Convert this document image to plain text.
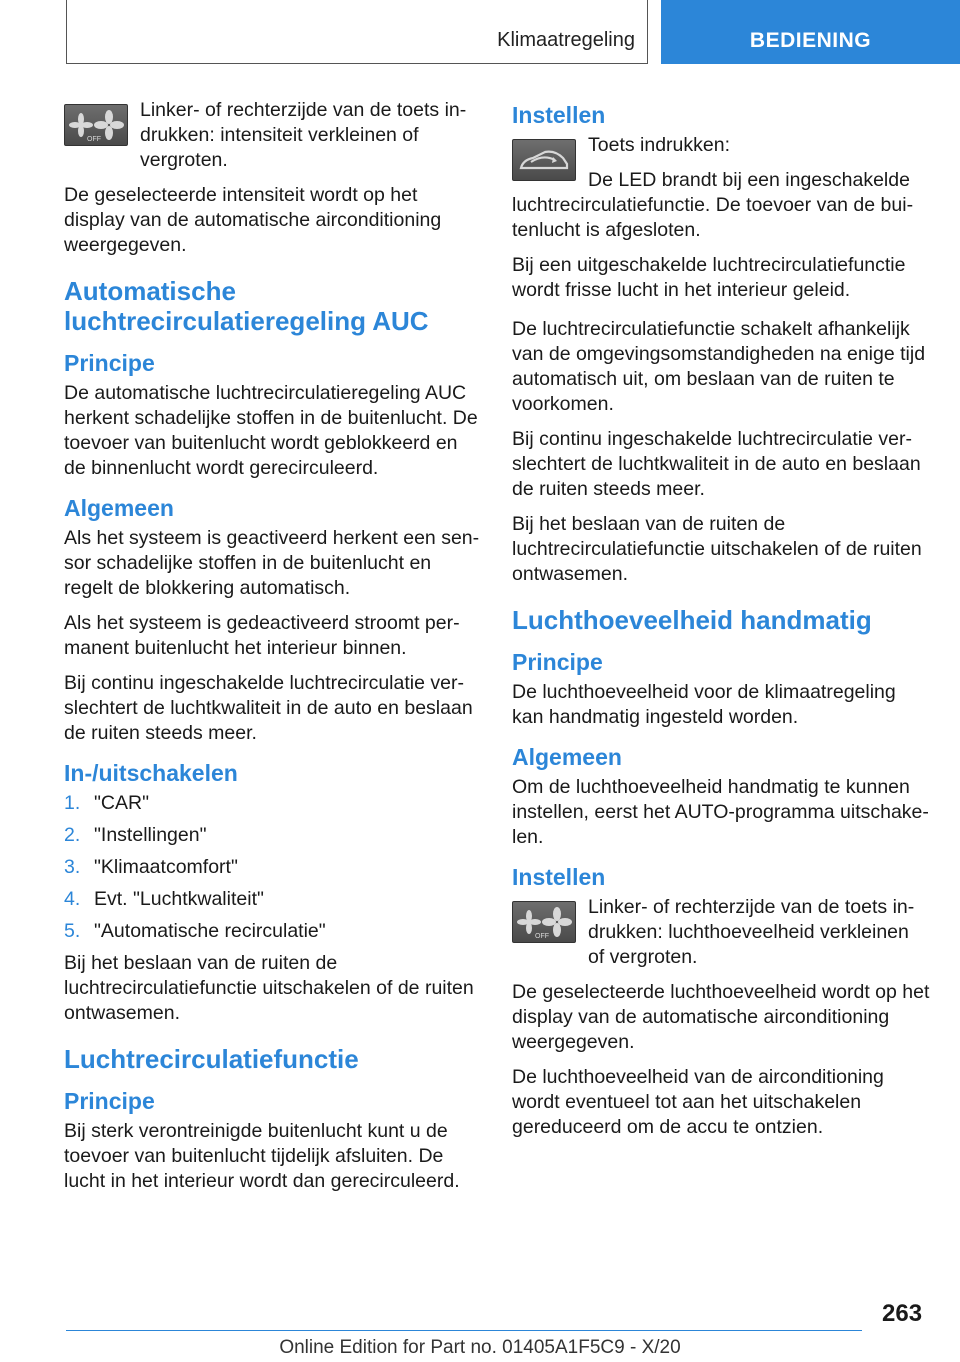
Klimaatregeling	BEDIENING
OFF

Linker- of rechterzijde van de toets indrukken: intensiteit verkleinen of vergroten.

De geselecteerde intensiteit wordt op het display van de automatische airconditioning weergegeven.

Automatische luchtrecirculatieregeling AUC
Principe

De automatische luchtrecirculatieregeling AUC herkent schadelijke stoffen in de buitenlucht. De toevoer van buitenlucht wordt geblokkeerd en de binnenlucht wordt gerecirculeerd.

Algemeen

Als het systeem is geactiveerd herkent een sensor schadelijke stoffen in de buitenlucht en regelt de blokkering automatisch.

Als het systeem is gedeactiveerd stroomt permanent buitenlucht het interieur binnen.

Bij continu ingeschakelde luchtrecirculatie verslechtert de luchtkwaliteit in de auto en beslaan de ruiten steeds meer.

In-/uitschakelen
1. "CAR"
2. "Instellingen"
3. "Klimaatcomfort"
4. Evt. "Luchtkwaliteit"
5. "Automatische recirculatie"

Bij het beslaan van de ruiten de luchtrecirculatiefunctie uitschakelen of de ruiten ontwasemen.

Luchtrecirculatiefunctie
Principe

Bij sterk verontreinigde buitenlucht kunt u de toevoer van buitenlucht tijdelijk afsluiten. De lucht in het interieur wordt dan gerecirculeerd.

Instellen

Toets indrukken:

De LED brandt bij een ingeschakelde luchtrecirculatiefunctie. De toevoer van de buitenlucht is afgesloten.

Bij een uitgeschakelde luchtrecirculatiefunctie wordt frisse lucht in het interieur geleid.

De luchtrecirculatiefunctie schakelt afhankelijk van de omgevingsomstandigheden na enige tijd automatisch uit, om beslaan van de ruiten te voorkomen.

Bij continu ingeschakelde luchtrecirculatie verslechtert de luchtkwaliteit in de auto en beslaan de ruiten steeds meer.

Bij het beslaan van de ruiten de luchtrecirculatiefunctie uitschakelen of de ruiten ontwasemen.

Luchthoeveelheid handmatig
Principe

De luchthoeveelheid voor de klimaatregeling kan handmatig ingesteld worden.

Algemeen

Om de luchthoeveelheid handmatig te kunnen instellen, eerst het AUTO-programma uitschakelen.

Instellen
OFF

Linker- of rechterzijde van de toets indrukken: luchthoeveelheid verkleinen of vergroten.

De geselecteerde luchthoeveelheid wordt op het display van de automatische airconditioning weergegeven.

De luchthoeveelheid van de airconditioning wordt eventueel tot aan het uitschakelen gereduceerd om de accu te ontzien.

263
Online Edition for Part no. 01405A1F5C9 - X/20
